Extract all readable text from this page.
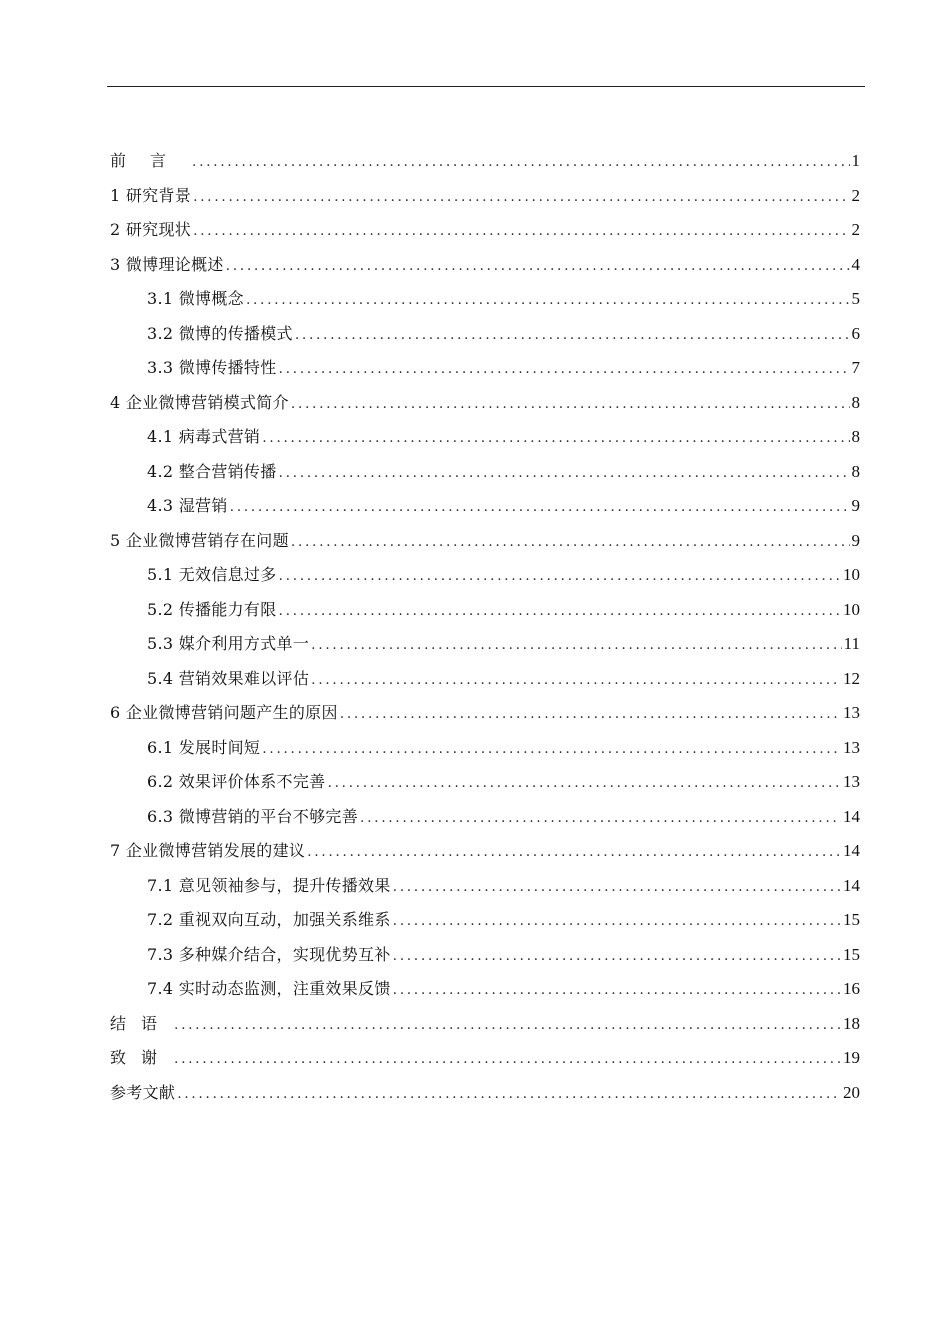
前言 .....	1
1 研究背景 .....	2
2 研究现状 .....	2
3 微博理论概述 .....	4
3.1 微博概念 .....	5
3.2 微博的传播模式 .....	6
3.3 微博传播特性 .....	7
4 企业微博营销模式简介 .....	8
4.1 病毒式营销 .....	8
4.2 整合营销传播 .....	8
4.3 湿营销 .....	9
5 企业微博营销存在问题 .....	9
5.1 无效信息过多 .....	10
5.2 传播能力有限 .....	10
5.3 媒介利用方式单一 .....	11
5.4 营销效果难以评估 .....	12
6 企业微博营销问题产生的原因 .....	13
6.1 发展时间短 .....	13
6.2 效果评价体系不完善 .....	13
6.3 微博营销的平台不够完善 .....	14
7 企业微博营销发展的建议 .....	14
7.1 意见领袖参与，提升传播效果 .....	14
7.2 重视双向互动，加强关系维系 .....	15
7.3 多种媒介结合，实现优势互补 .....	15
7.4 实时动态监测，注重效果反馈 .....	16
结语 .....	18
致谢 .....	19
参考文献 .....	20
